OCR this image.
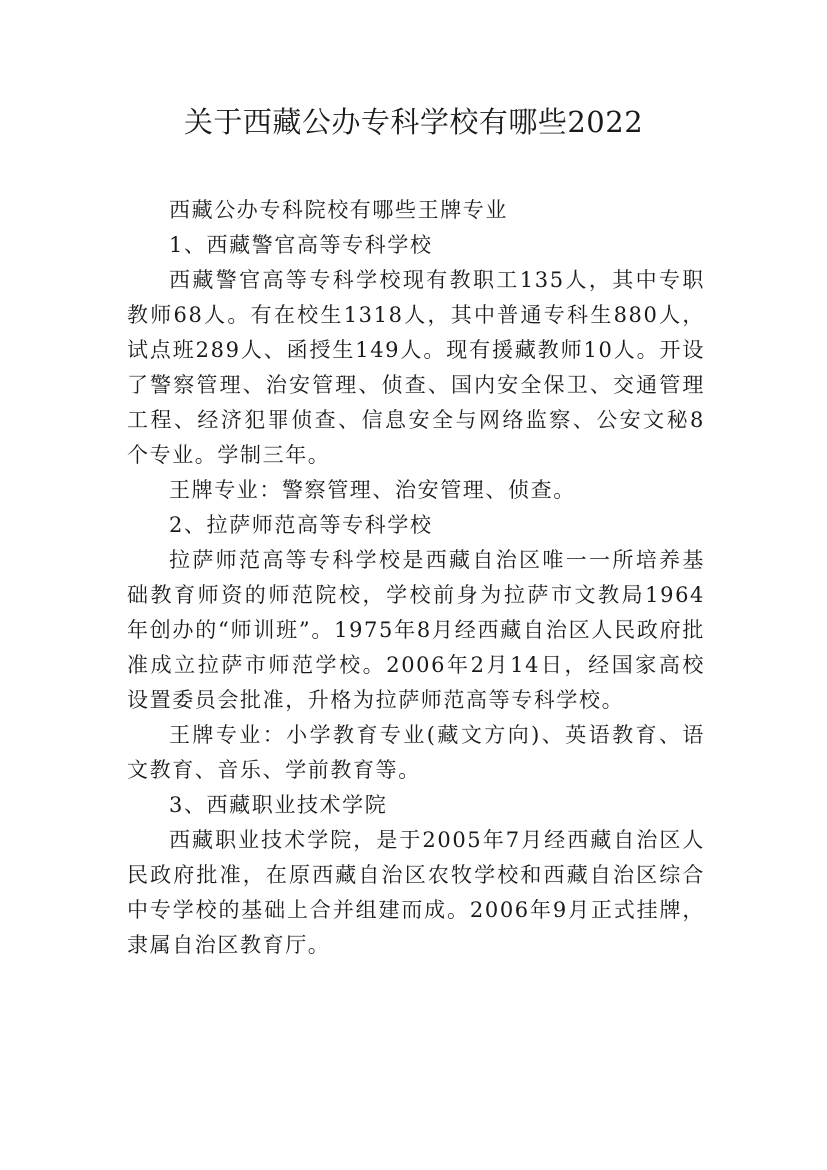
关于西藏公办专科学校有哪些2022

西藏公办专科院校有哪些王牌专业

1、西藏警官高等专科学校

西藏警官高等专科学校现有教职工135人，其中专职教师68人。有在校生1318人，其中普通专科生880人，试点班289人、函授生149人。现有援藏教师10人。开设了警察管理、治安管理、侦查、国内安全保卫、交通管理工程、经济犯罪侦查、信息安全与网络监察、公安文秘8个专业。学制三年。

王牌专业：警察管理、治安管理、侦查。

2、拉萨师范高等专科学校

拉萨师范高等专科学校是西藏自治区唯一一所培养基础教育师资的师范院校，学校前身为拉萨市文教局1964年创办的“师训班”。1975年8月经西藏自治区人民政府批准成立拉萨市师范学校。2006年2月14日，经国家高校设置委员会批准，升格为拉萨师范高等专科学校。

王牌专业：小学教育专业(藏文方向)、英语教育、语文教育、音乐、学前教育等。

3、西藏职业技术学院

西藏职业技术学院，是于2005年7月经西藏自治区人民政府批准，在原西藏自治区农牧学校和西藏自治区综合中专学校的基础上合并组建而成。2006年9月正式挂牌，隶属自治区教育厅。
